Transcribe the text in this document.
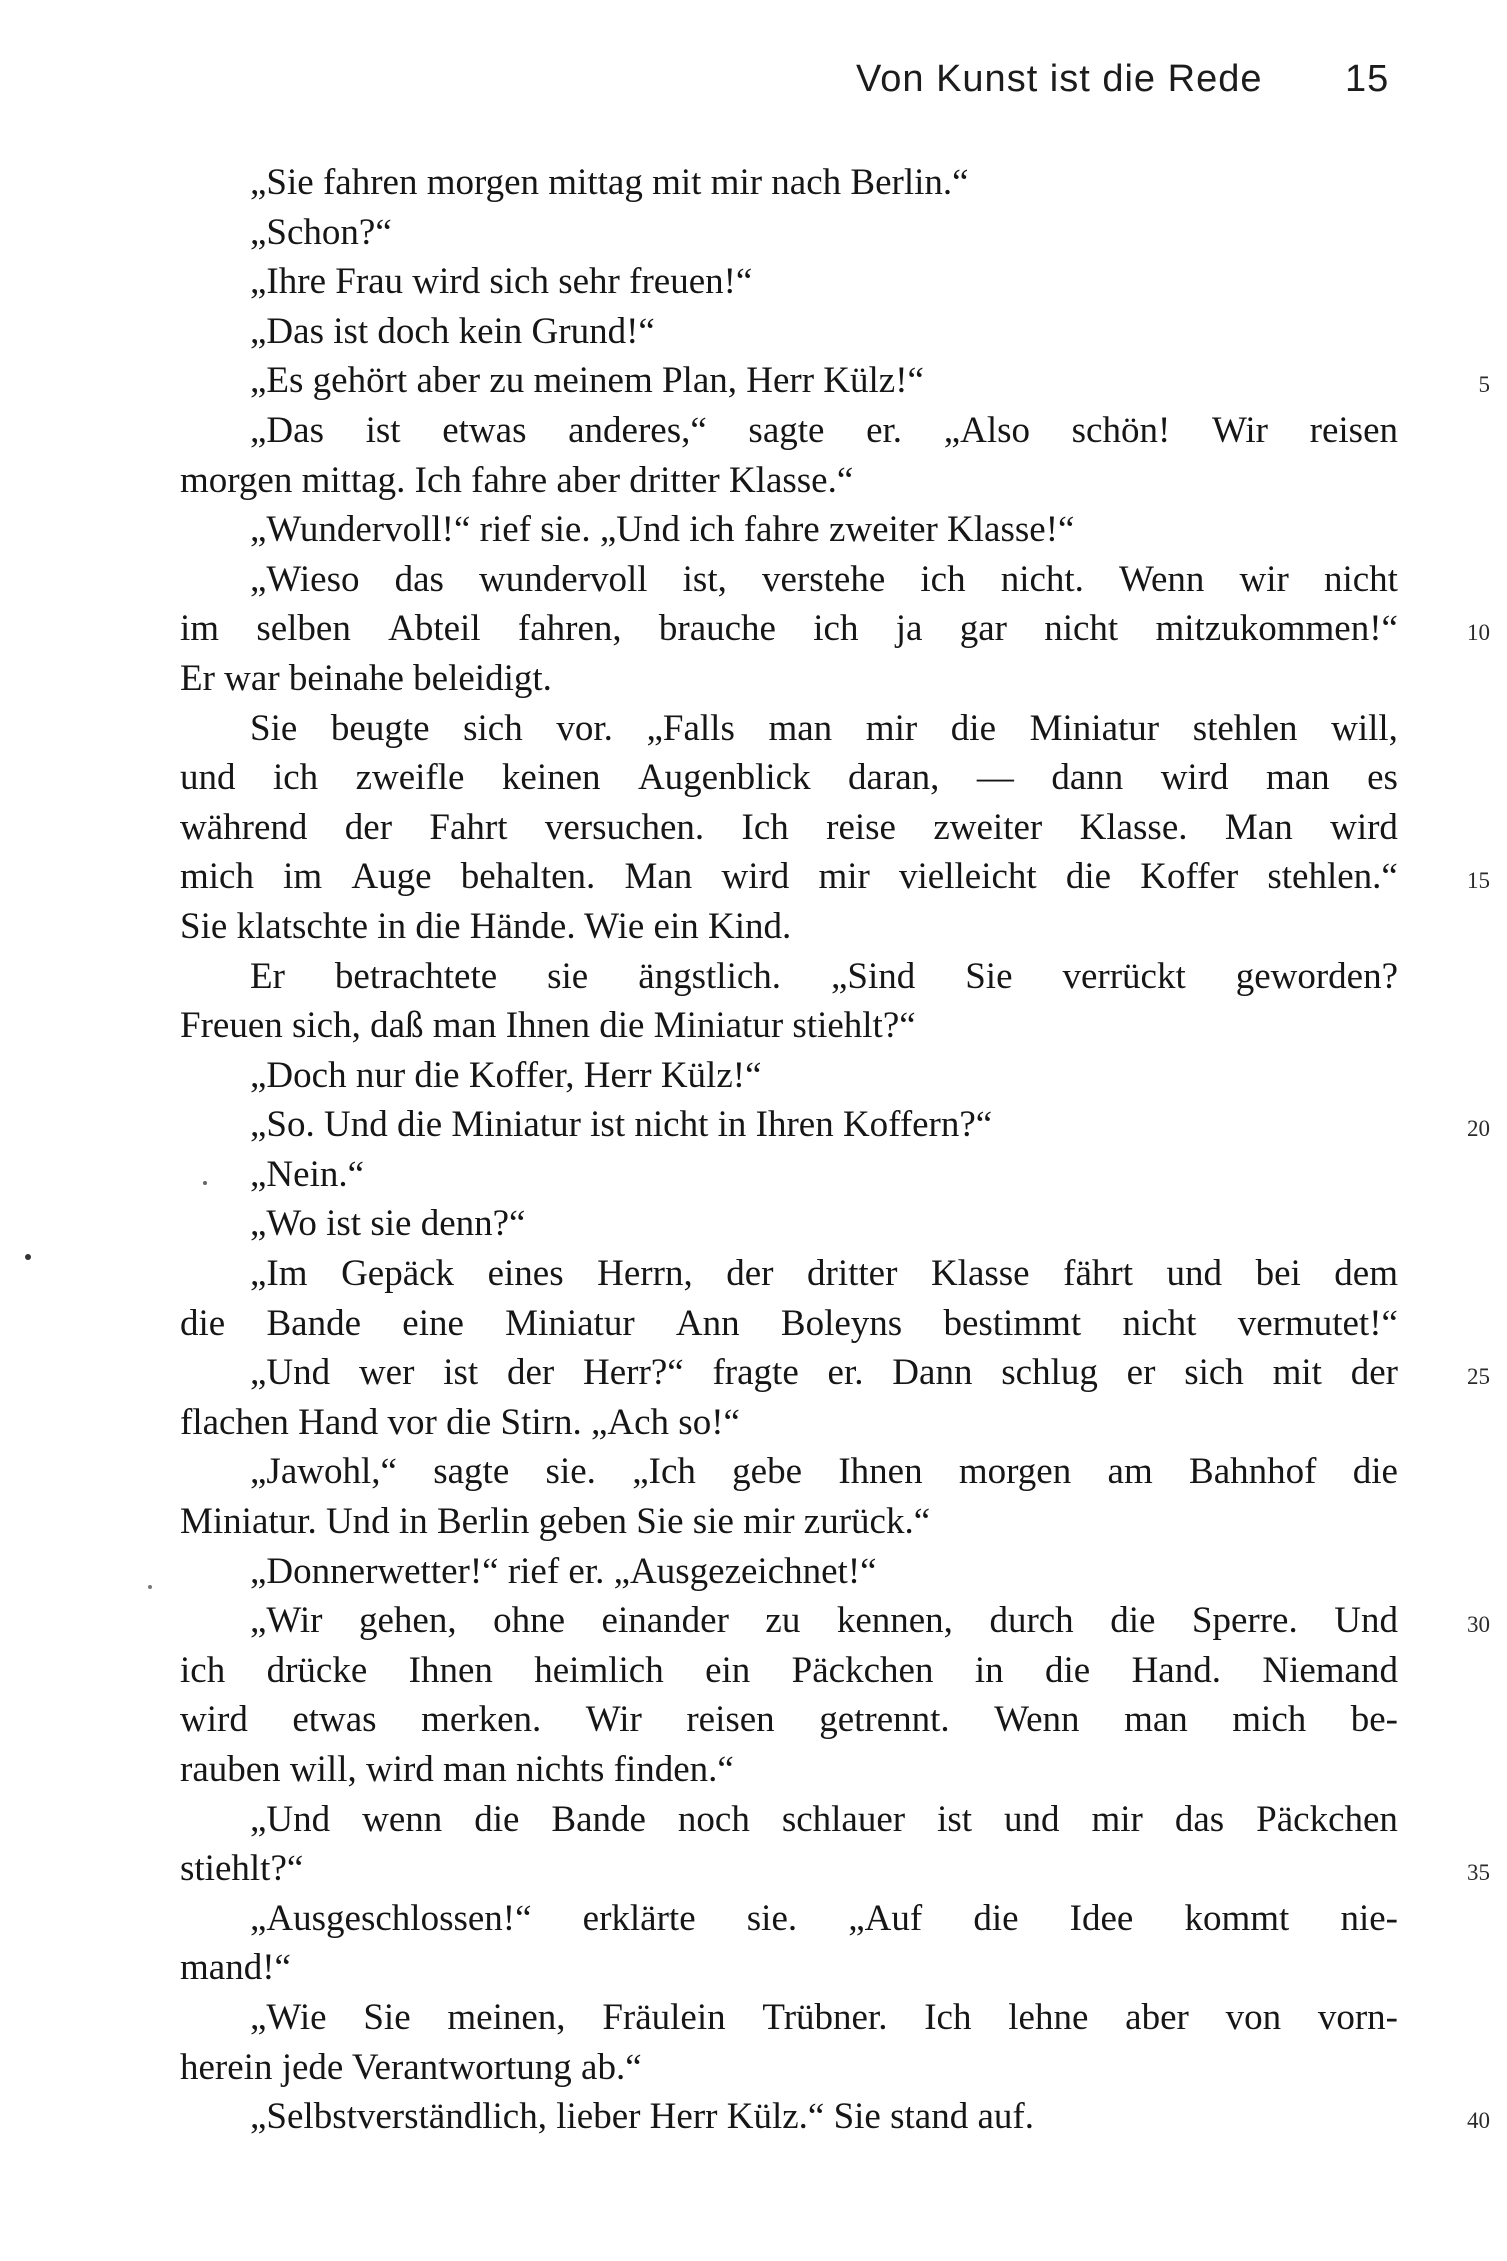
Von Kunst ist die Rede 15
„Sie fahren morgen mittag mit mir nach Berlin.“
„Schon?“
„Ihre Frau wird sich sehr freuen!“
„Das ist doch kein Grund!“
„Es gehört aber zu meinem Plan, Herr Külz!“	5
„Das ist etwas anderes,“ sagte er. „Also schön! Wir reisen
morgen mittag. Ich fahre aber dritter Klasse.“
„Wundervoll!“ rief sie. „Und ich fahre zweiter Klasse!“
„Wieso das wundervoll ist, verstehe ich nicht. Wenn wir nicht
im selben Abteil fahren, brauche ich ja gar nicht mitzukommen!“	10
Er war beinahe beleidigt.
Sie beugte sich vor. „Falls man mir die Miniatur stehlen will,
und ich zweifle keinen Augenblick daran, — dann wird man es
während der Fahrt versuchen. Ich reise zweiter Klasse. Man wird
mich im Auge behalten. Man wird mir vielleicht die Koffer stehlen.“	15
Sie klatschte in die Hände. Wie ein Kind.
Er betrachtete sie ängstlich. „Sind Sie verrückt geworden?
Freuen sich, daß man Ihnen die Miniatur stiehlt?“
„Doch nur die Koffer, Herr Külz!“
„So. Und die Miniatur ist nicht in Ihren Koffern?“	20
„Nein.“
„Wo ist sie denn?“
„Im Gepäck eines Herrn, der dritter Klasse fährt und bei dem
die Bande eine Miniatur Ann Boleyns bestimmt nicht vermutet!“
„Und wer ist der Herr?“ fragte er. Dann schlug er sich mit der	25
flachen Hand vor die Stirn. „Ach so!“
„Jawohl,“ sagte sie. „Ich gebe Ihnen morgen am Bahnhof die
Miniatur. Und in Berlin geben Sie sie mir zurück.“
„Donnerwetter!“ rief er. „Ausgezeichnet!“
„Wir gehen, ohne einander zu kennen, durch die Sperre. Und	30
ich drücke Ihnen heimlich ein Päckchen in die Hand. Niemand
wird etwas merken. Wir reisen getrennt. Wenn man mich be-
rauben will, wird man nichts finden.“
„Und wenn die Bande noch schlauer ist und mir das Päckchen
stiehlt?“	35
„Ausgeschlossen!“ erklärte sie. „Auf die Idee kommt nie-
mand!“
„Wie Sie meinen, Fräulein Trübner. Ich lehne aber von vorn-
herein jede Verantwortung ab.“
„Selbstverständlich, lieber Herr Külz.“ Sie stand auf.	40
